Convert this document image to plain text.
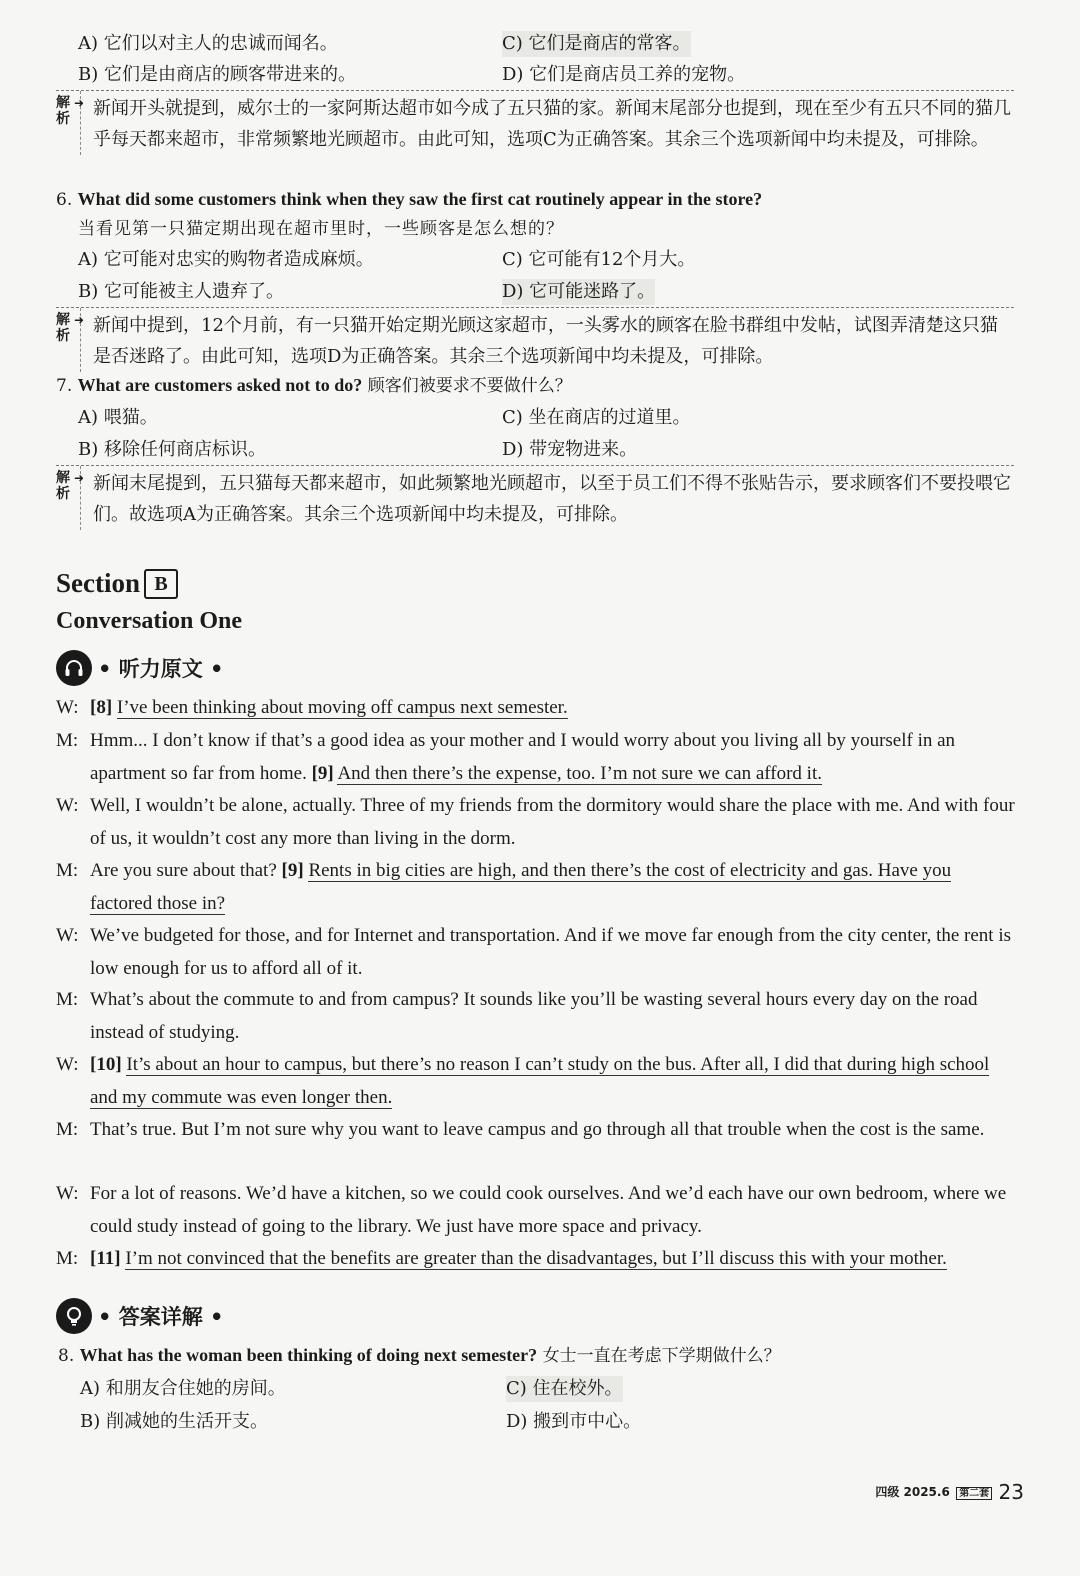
A) 它们以对主人的忠诚而闻名。	C) 它们是商店的常客。
B) 它们是由商店的顾客带进来的。	D) 它们是商店员工养的宠物。
解
析
➜ 新闻开头就提到，威尔士的一家阿斯达超市如今成了五只猫的家。新闻末尾部分也提到，现在至少有五只不同的猫几乎每天都来超市，非常频繁地光顾超市。由此可知，选项C为正确答案。其余三个选项新闻中均未提及，可排除。
6. What did some customers think when they saw the first cat routinely appear in the store?
当看见第一只猫定期出现在超市里时，一些顾客是怎么想的？
A) 它可能对忠实的购物者造成麻烦。	C) 它可能有12个月大。
B) 它可能被主人遗弃了。	D) 它可能迷路了。
解
析
➜ 新闻中提到，12个月前，有一只猫开始定期光顾这家超市，一头雾水的顾客在脸书群组中发帖，试图弄清楚这只猫是否迷路了。由此可知，选项D为正确答案。其余三个选项新闻中均未提及，可排除。
7. What are customers asked not to do? 顾客们被要求不要做什么？
A) 喂猫。	C) 坐在商店的过道里。
B) 移除任何商店标识。	D) 带宠物进来。
解
析
➜ 新闻末尾提到，五只猫每天都来超市，如此频繁地光顾超市，以至于员工们不得不张贴告示，要求顾客们不要投喂它们。故选项A为正确答案。其余三个选项新闻中均未提及，可排除。
Section B
Conversation One
• 听力原文 •
W: [8] I’ve been thinking about moving off campus next semester.
M: Hmm... I don’t know if that’s a good idea as your mother and I would worry about you living all by yourself in an apartment so far from home. [9] And then there’s the expense, too. I’m not sure we can afford it.
W: Well, I wouldn’t be alone, actually. Three of my friends from the dormitory would share the place with me. And with four of us, it wouldn’t cost any more than living in the dorm.
M: Are you sure about that? [9] Rents in big cities are high, and then there’s the cost of electricity and gas. Have you factored those in?
W: We’ve budgeted for those, and for Internet and transportation. And if we move far enough from the city center, the rent is low enough for us to afford all of it.
M: What’s about the commute to and from campus? It sounds like you’ll be wasting several hours every day on the road instead of studying.
W: [10] It’s about an hour to campus, but there’s no reason I can’t study on the bus. After all, I did that during high school and my commute was even longer then.
M: That’s true. But I’m not sure why you want to leave campus and go through all that trouble when the cost is the same.
W: For a lot of reasons. We’d have a kitchen, so we could cook ourselves. And we’d each have our own bedroom, where we could study instead of going to the library. We just have more space and privacy.
M: [11] I’m not convinced that the benefits are greater than the disadvantages, but I’ll discuss this with your mother.
• 答案详解 •
8. What has the woman been thinking of doing next semester? 女士一直在考虑下学期做什么？
A) 和朋友合住她的房间。	C) 住在校外。
B) 削减她的生活开支。	D) 搬到市中心。
四级 2025.6 第二套 23
